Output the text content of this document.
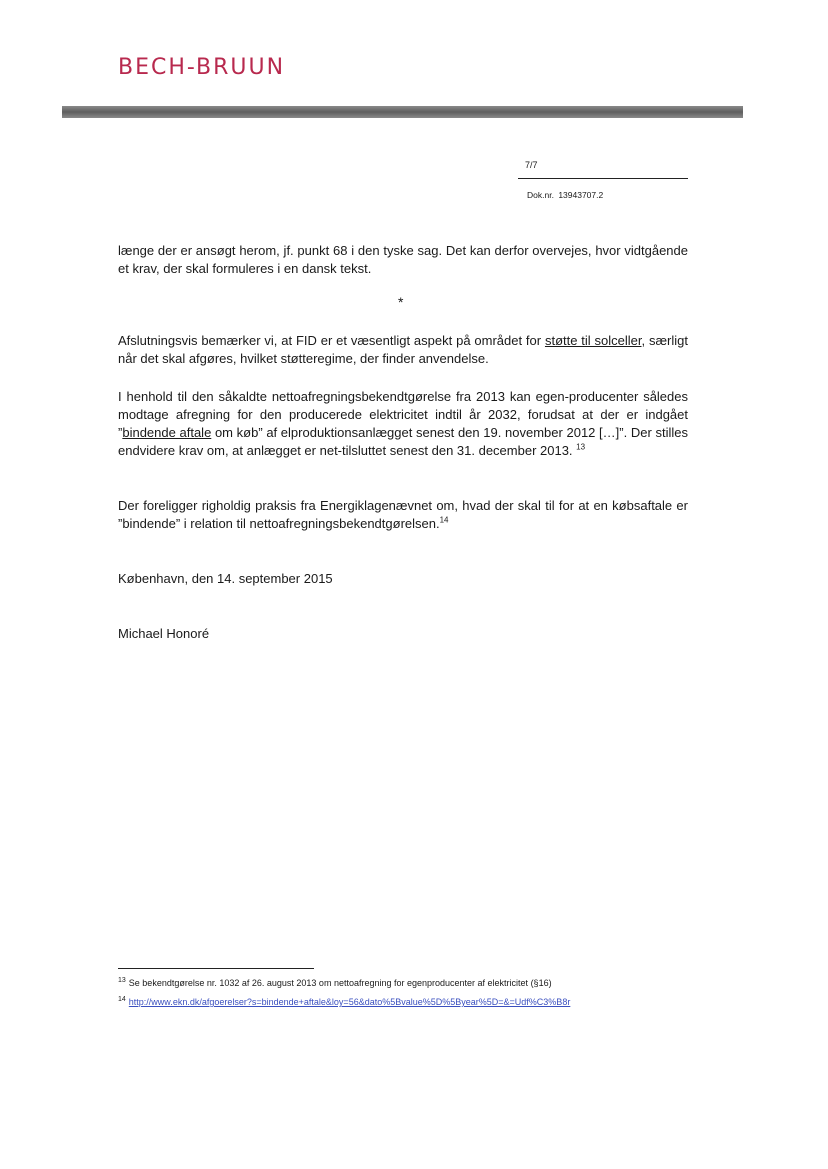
BECH-BRUUN
7/7
Dok.nr. 13943707.2
længe der er ansøgt herom, jf. punkt 68 i den tyske sag. Det kan derfor overvejes, hvor vidtgående et krav, der skal formuleres i en dansk tekst.
*
Afslutningsvis bemærker vi, at FID er et væsentligt aspekt på området for støtte til solceller, særligt når det skal afgøres, hvilket støtteregime, der finder anvendelse.
I henhold til den såkaldte nettoafregningsbekendtgørelse fra 2013 kan egen-producenter således modtage afregning for den producerede elektricitet indtil år 2032, forudsat at der er indgået ”bindende aftale om køb” af elproduktionsanlægget senest den 19. november 2012 […]”. Der stilles endvidere krav om, at anlægget er net-tilsluttet senest den 31. december 2013. $^{13}$
Der foreligger righoldig praksis fra Energiklagenævnet om, hvad der skal til for at en købsaftale er ”bindende” i relation til nettoafregningsbekendtgørelsen.$^{14}$
København, den 14. september 2015
Michael Honoré
$^{13}$ Se bekendtgørelse nr. 1032 af 26. august 2013 om nettoafregning for egenproducenter af elektricitet (§16)
$^{14}$ http://www.ekn.dk/afgoerelser?s=bindende+aftale&loy=56&dato%5Bvalue%5D%5Byear%5D=&=Udf%C3%B8r
